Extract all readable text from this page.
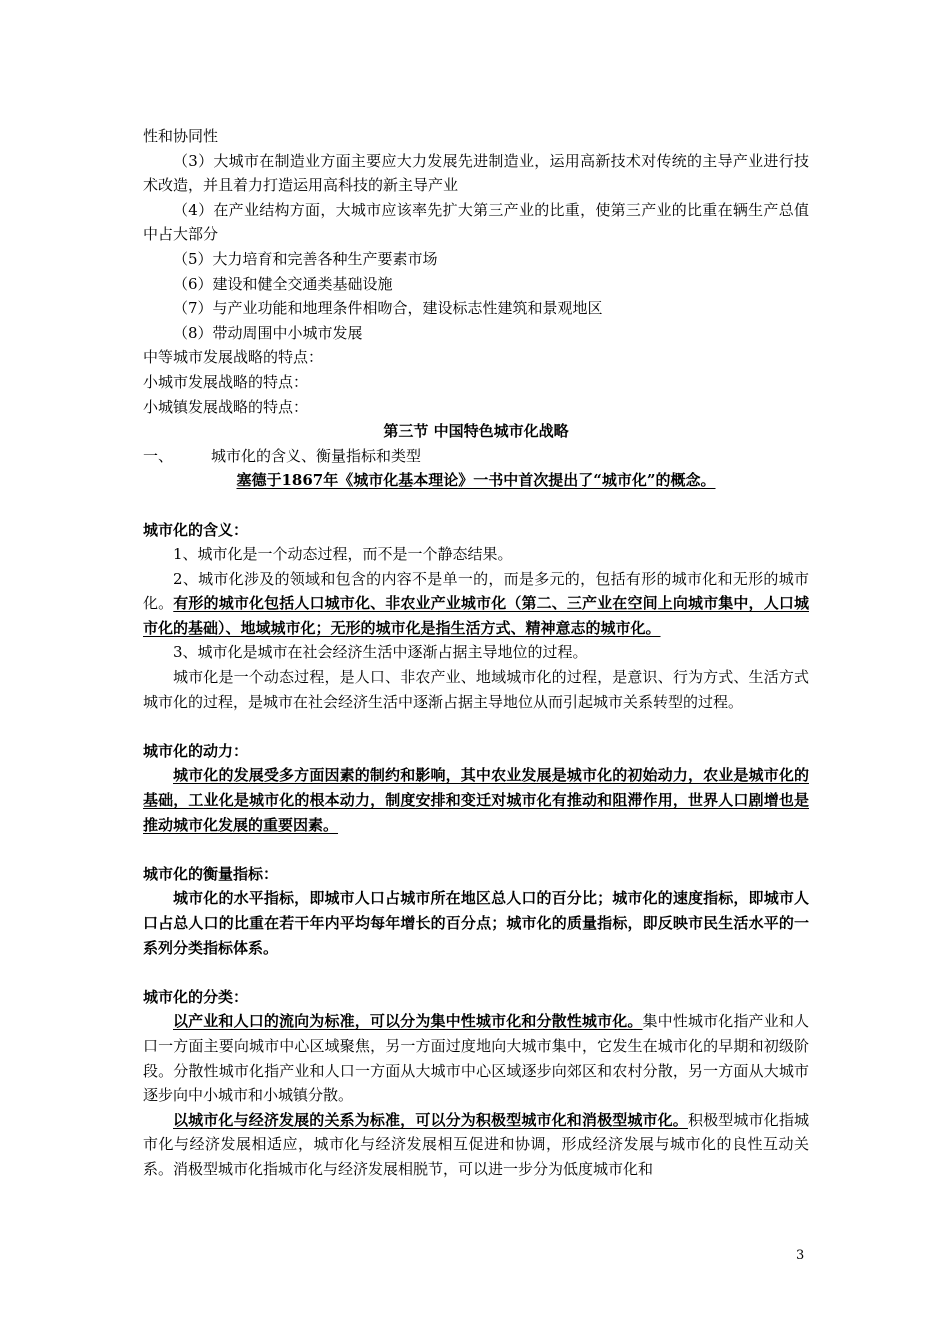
性和协同性

（3）大城市在制造业方面主要应大力发展先进制造业，运用高新技术对传统的主导产业进行技术改造，并且着力打造运用高科技的新主导产业

（4）在产业结构方面，大城市应该率先扩大第三产业的比重，使第三产业的比重在辆生产总值中占大部分

（5）大力培育和完善各种生产要素市场

（6）建设和健全交通类基础设施

（7）与产业功能和地理条件相吻合，建设标志性建筑和景观地区

（8）带动周围中小城市发展

中等城市发展战略的特点：

小城市发展战略的特点：

小城镇发展战略的特点：

第三节 中国特色城市化战略

一、	城市化的含义、衡量指标和类型

塞德于1867年《城市化基本理论》一书中首次提出了“城市化”的概念。

城市化的含义：

1、城市化是一个动态过程，而不是一个静态结果。

2、城市化涉及的领域和包含的内容不是单一的，而是多元的，包括有形的城市化和无形的城市化。有形的城市化包括人口城市化、非农业产业城市化（第二、三产业在空间上向城市集中，人口城市化的基础）、地域城市化；无形的城市化是指生活方式、精神意志的城市化。

3、城市化是城市在社会经济生活中逐渐占据主导地位的过程。

城市化是一个动态过程，是人口、非农产业、地域城市化的过程，是意识、行为方式、生活方式城市化的过程，是城市在社会经济生活中逐渐占据主导地位从而引起城市关系转型的过程。

城市化的动力：

城市化的发展受多方面因素的制约和影响，其中农业发展是城市化的初始动力，农业是城市化的基础，工业化是城市化的根本动力，制度安排和变迁对城市化有推动和阻滞作用，世界人口剧增也是推动城市化发展的重要因素。

城市化的衡量指标：

城市化的水平指标，即城市人口占城市所在地区总人口的百分比；城市化的速度指标，即城市人口占总人口的比重在若干年内平均每年增长的百分点；城市化的质量指标，即反映市民生活水平的一系列分类指标体系。

城市化的分类：

以产业和人口的流向为标准，可以分为集中性城市化和分散性城市化。集中性城市化指产业和人口一方面主要向城市中心区域聚焦，另一方面过度地向大城市集中，它发生在城市化的早期和初级阶段。分散性城市化指产业和人口一方面从大城市中心区域逐步向郊区和农村分散，另一方面从大城市逐步向中小城市和小城镇分散。

以城市化与经济发展的关系为标准，可以分为积极型城市化和消极型城市化。积极型城市化指城市化与经济发展相适应，城市化与经济发展相互促进和协调，形成经济发展与城市化的良性互动关系。消极型城市化指城市化与经济发展相脱节，可以进一步分为低度城市化和

3
